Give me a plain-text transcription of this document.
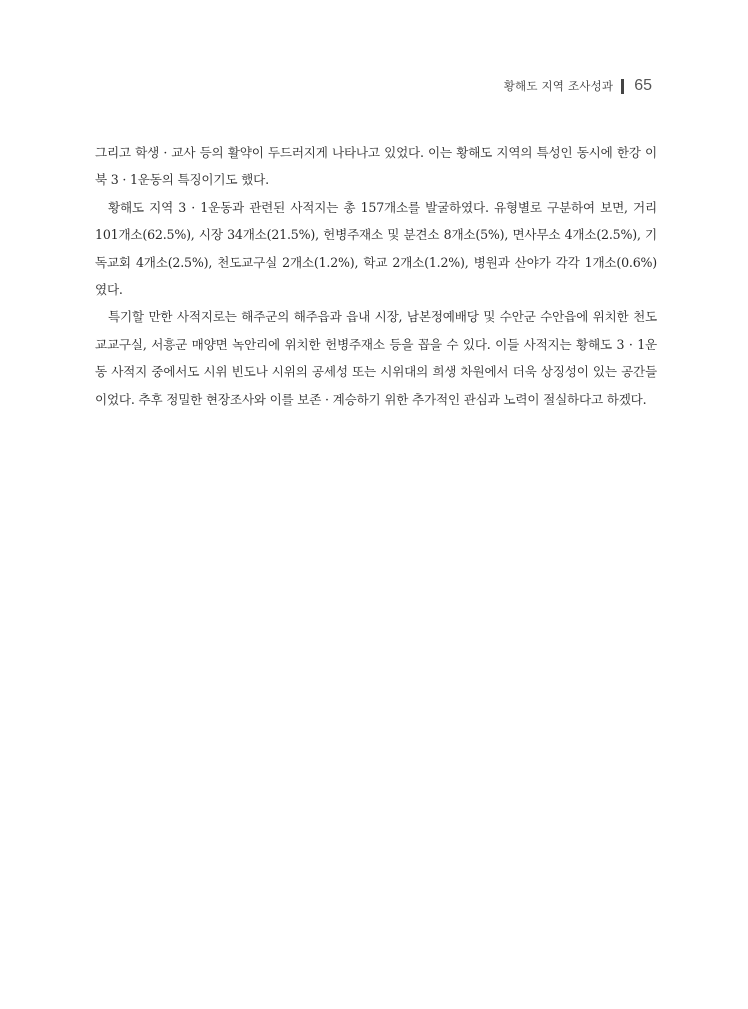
황해도 지역 조사성과 65

그리고 학생 · 교사 등의 활약이 두드러지게 나타나고 있었다. 이는 황해도 지역의 특성인 동시에 한강 이북 3 · 1운동의 특징이기도 했다.

황해도 지역 3 · 1운동과 관련된 사적지는 총 157개소를 발굴하였다. 유형별로 구분하여 보면, 거리 101개소(62.5%), 시장 34개소(21.5%), 헌병주재소 및 분견소 8개소(5%), 면사무소 4개소(2.5%), 기독교회 4개소(2.5%), 천도교구실 2개소(1.2%), 학교 2개소(1.2%), 병원과 산야가 각각 1개소(0.6%)였다.

특기할 만한 사적지로는 해주군의 해주읍과 읍내 시장, 남본정예배당 및 수안군 수안읍에 위치한 천도교교구실, 서흥군 매양면 녹안리에 위치한 헌병주재소 등을 꼽을 수 있다. 이들 사적지는 황해도 3 · 1운동 사적지 중에서도 시위 빈도나 시위의 공세성 또는 시위대의 희생 차원에서 더욱 상징성이 있는 공간들이었다. 추후 정밀한 현장조사와 이를 보존 · 계승하기 위한 추가적인 관심과 노력이 절실하다고 하겠다.
